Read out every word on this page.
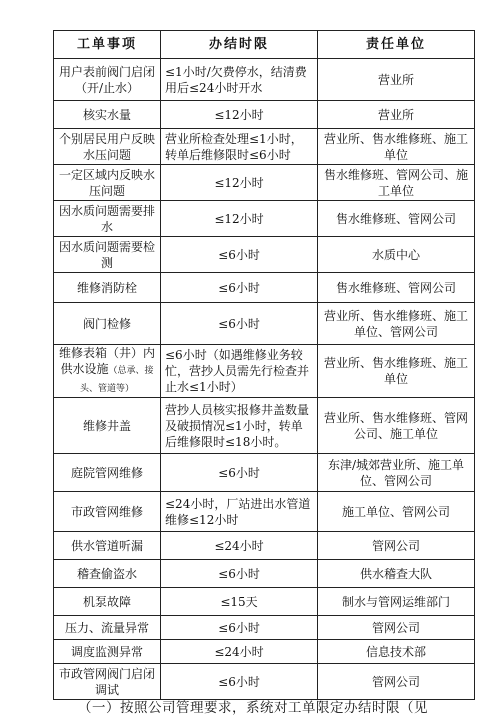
工单事项	办结时限	责任单位
用户表前阀门启闭（开/止水）	≤1小时/欠费停水，结清费用后≤24小时开水	营业所
核实水量	≤12小时	营业所
个别居民用户反映水压问题	营业所检查处理≤1小时，转单后维修限时≤6小时	营业所、售水维修班、施工单位
一定区域内反映水压问题	≤12小时	售水维修班、管网公司、施工单位
因水质问题需要排水	≤12小时	售水维修班、管网公司
因水质问题需要检测	≤6小时	水质中心
维修消防栓	≤6小时	售水维修班、管网公司
阀门检修	≤6小时	营业所、售水维修班、施工单位、管网公司
维修表箱（井）内供水设施（总承、接头、管道等）	≤6小时（如遇维修业务较忙，营抄人员需先行检查并止水≤1小时）	营业所、售水维修班、施工单位
维修井盖	营抄人员核实报修井盖数量及破损情况≤1小时，转单后维修限时≤18小时。	营业所、售水维修班、管网公司、施工单位
庭院管网维修	≤6小时	东津/城郊营业所、施工单位、管网公司
市政管网维修	≤24小时，厂站进出水管道维修≤12小时	施工单位、管网公司
供水管道听漏	≤24小时	管网公司
稽查偷盗水	≤6小时	供水稽查大队
机泵故障	≤15天	制水与管网运维部门
压力、流量异常	≤6小时	管网公司
调度监测异常	≤24小时	信息技术部
市政管网阀门启闭调试	≤6小时	管网公司
（一）按照公司管理要求，系统对工单限定办结时限（见
